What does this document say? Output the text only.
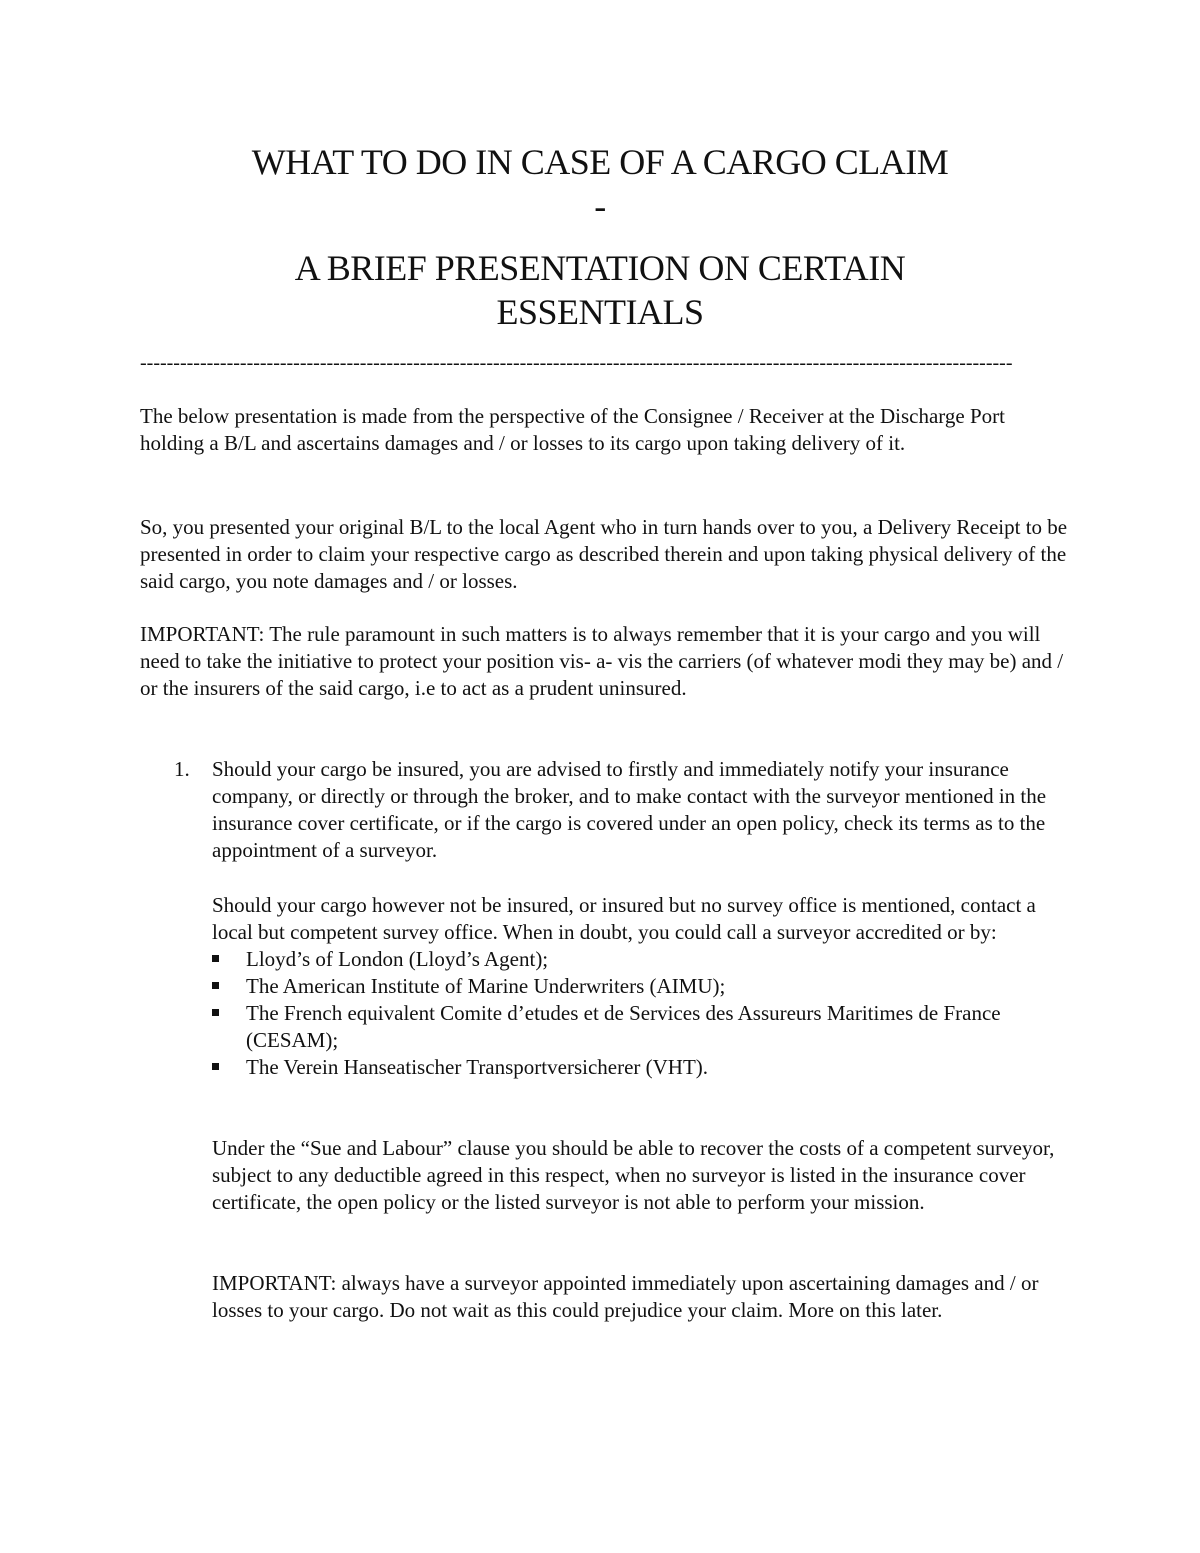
WHAT TO DO IN CASE OF A CARGO CLAIM
-
A BRIEF PRESENTATION ON CERTAIN
ESSENTIALS
-----------------------------------------------------------------------------------------------------------------------------------

The below presentation is made from the perspective of the Consignee / Receiver at the Discharge Port holding a B/L and ascertains damages and / or losses to its cargo upon taking delivery of it.

So, you presented your original B/L to the local Agent who in turn hands over to you, a Delivery Receipt to be presented in order to claim your respective cargo as described therein and upon taking physical delivery of the said cargo, you note damages and / or losses.

IMPORTANT: The rule paramount in such matters is to always remember that it is your cargo and you will need to take the initiative to protect your position vis- a- vis the carriers (of whatever modi they may be) and / or the insurers of the said cargo, i.e to act as a prudent uninsured.

1. Should your cargo be insured, you are advised to firstly and immediately notify your insurance company, or directly or through the broker, and to make contact with the surveyor mentioned in the insurance cover certificate, or if the cargo is covered under an open policy, check its terms as to the appointment of a surveyor.

Should your cargo however not be insured, or insured but no survey office is mentioned, contact a local but competent survey office. When in doubt, you could call a surveyor accredited or by:

Lloyd’s of London (Lloyd’s Agent);
The American Institute of Marine Underwriters (AIMU);
The French equivalent Comite d’etudes et de Services des Assureurs Maritimes de France (CESAM);
The Verein Hanseatischer Transportversicherer (VHT).

Under the “Sue and Labour” clause you should be able to recover the costs of a competent surveyor, subject to any deductible agreed in this respect, when no surveyor is listed in the insurance cover certificate, the open policy or the listed surveyor is not able to perform your mission.

IMPORTANT: always have a surveyor appointed immediately upon ascertaining damages and / or losses to your cargo. Do not wait as this could prejudice your claim. More on this later.
